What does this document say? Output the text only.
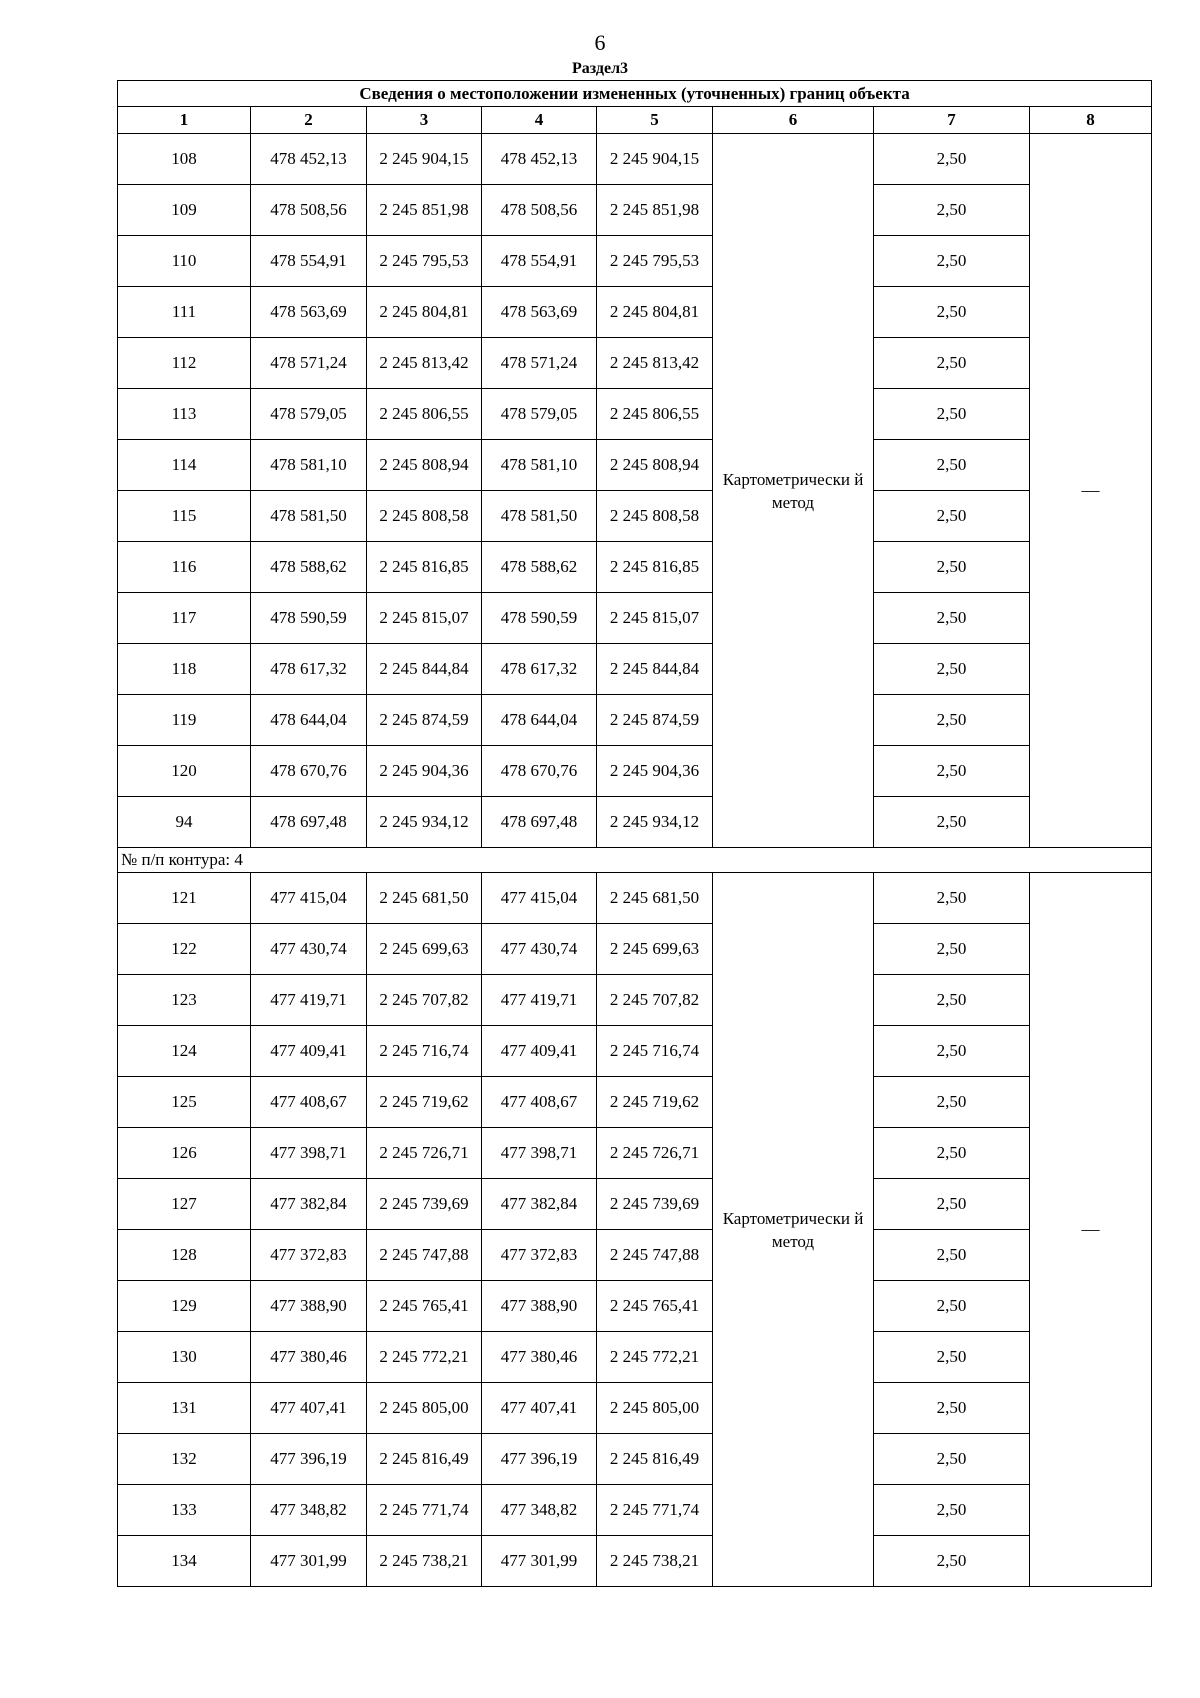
6
Раздел3
Сведения о местоположении измененных (уточненных) границ объекта							
1	2	3	4	5	6	7	8
108	478 452,13	2 245 904,15	478 452,13	2 245 904,15	Картометрически й метод	2,50	—
109	478 508,56	2 245 851,98	478 508,56	2 245 851,98		2,50	
110	478 554,91	2 245 795,53	478 554,91	2 245 795,53		2,50	
111	478 563,69	2 245 804,81	478 563,69	2 245 804,81		2,50	
112	478 571,24	2 245 813,42	478 571,24	2 245 813,42		2,50	
113	478 579,05	2 245 806,55	478 579,05	2 245 806,55		2,50	
114	478 581,10	2 245 808,94	478 581,10	2 245 808,94		2,50	
115	478 581,50	2 245 808,58	478 581,50	2 245 808,58		2,50	
116	478 588,62	2 245 816,85	478 588,62	2 245 816,85		2,50	
117	478 590,59	2 245 815,07	478 590,59	2 245 815,07		2,50	
118	478 617,32	2 245 844,84	478 617,32	2 245 844,84		2,50	
119	478 644,04	2 245 874,59	478 644,04	2 245 874,59		2,50	
120	478 670,76	2 245 904,36	478 670,76	2 245 904,36		2,50	
94	478 697,48	2 245 934,12	478 697,48	2 245 934,12		2,50	
№ п/п контура: 4							
121	477 415,04	2 245 681,50	477 415,04	2 245 681,50	Картометрически й метод	2,50	—
122	477 430,74	2 245 699,63	477 430,74	2 245 699,63		2,50	
123	477 419,71	2 245 707,82	477 419,71	2 245 707,82		2,50	
124	477 409,41	2 245 716,74	477 409,41	2 245 716,74		2,50	
125	477 408,67	2 245 719,62	477 408,67	2 245 719,62		2,50	
126	477 398,71	2 245 726,71	477 398,71	2 245 726,71		2,50	
127	477 382,84	2 245 739,69	477 382,84	2 245 739,69		2,50	
128	477 372,83	2 245 747,88	477 372,83	2 245 747,88		2,50	
129	477 388,90	2 245 765,41	477 388,90	2 245 765,41		2,50	
130	477 380,46	2 245 772,21	477 380,46	2 245 772,21		2,50	
131	477 407,41	2 245 805,00	477 407,41	2 245 805,00		2,50	
132	477 396,19	2 245 816,49	477 396,19	2 245 816,49		2,50	
133	477 348,82	2 245 771,74	477 348,82	2 245 771,74		2,50	
134	477 301,99	2 245 738,21	477 301,99	2 245 738,21		2,50	
